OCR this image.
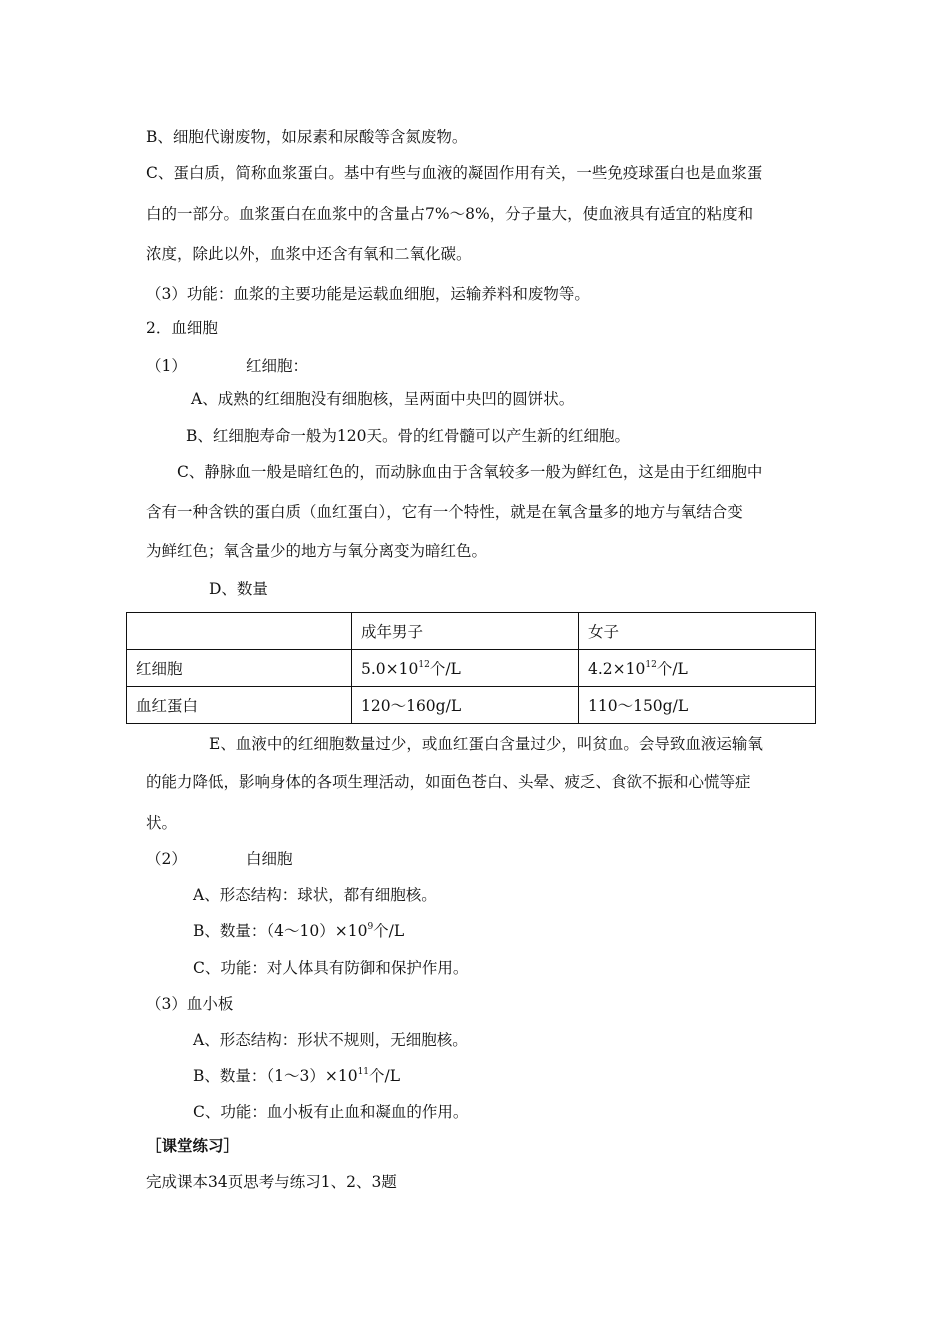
B、细胞代谢废物，如尿素和尿酸等含氮废物。
C、蛋白质，简称血浆蛋白。基中有些与血液的凝固作用有关，一些免疫球蛋白也是血浆蛋
白的一部分。血浆蛋白在血浆中的含量占7%～8%，分子量大，使血液具有适宜的粘度和
浓度，除此以外，血浆中还含有氧和二氧化碳。
（3）功能：血浆的主要功能是运载血细胞，运输养料和废物等。
2．血细胞
（1）	红细胞：
A、成熟的红细胞没有细胞核，呈两面中央凹的圆饼状。
B、红细胞寿命一般为120天。骨的红骨髓可以产生新的红细胞。
C、静脉血一般是暗红色的，而动脉血由于含氧较多一般为鲜红色，这是由于红细胞中
含有一种含铁的蛋白质（血红蛋白），它有一个特性，就是在氧含量多的地方与氧结合变
为鲜红色；氧含量少的地方与氧分离变为暗红色。
D、数量
	成年男子	女子
红细胞	$5.0\times 10^{12}$个/L	$4.2\times 10^{12}$个/L
血红蛋白	120～160g/L	110～150g/L
E、血液中的红细胞数量过少，或血红蛋白含量过少，叫贫血。会导致血液运输氧
的能力降低，影响身体的各项生理活动，如面色苍白、头晕、疲乏、食欲不振和心慌等症
状。
（2）	白细胞
A、形态结构：球状，都有细胞核。
B、数量：$(4\sim 10)\times 10^9$个/L
C、功能：对人体具有防御和保护作用。
（3）血小板
A、形态结构：形状不规则，无细胞核。
B、数量：$(1\sim 3)\times 10^{11}$个/L
C、功能：血小板有止血和凝血的作用。
［课堂练习］
完成课本34页思考与练习1、2、3题
